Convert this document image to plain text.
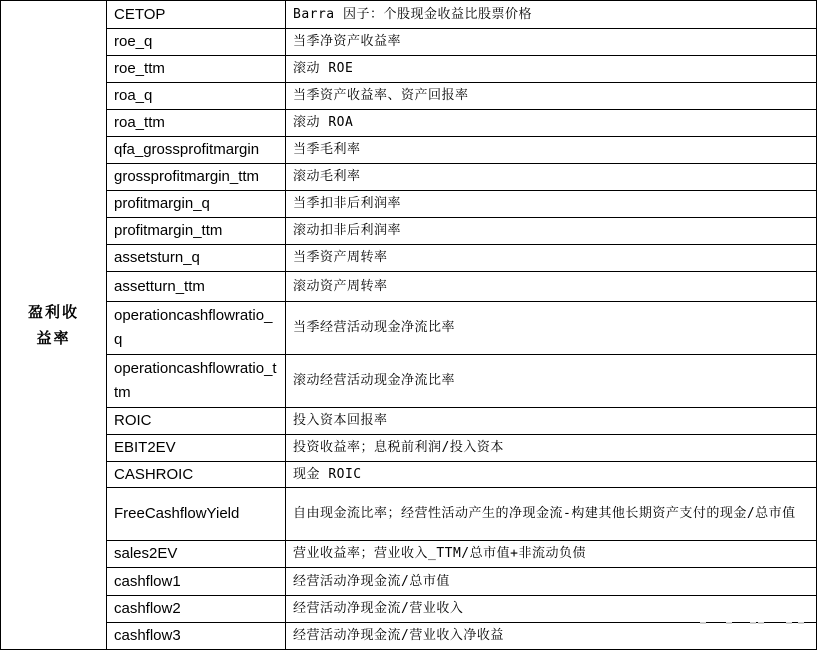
盈利收益率	CETOP	Barra 因子：个股现金收益比股票价格
	roe_q	当季净资产收益率
	roe_ttm	滚动 ROE
	roa_q	当季资产收益率、资产回报率
	roa_ttm	滚动 ROA
	qfa_grossprofitmargin	当季毛利率
	grossprofitmargin_ttm	滚动毛利率
	profitmargin_q	当季扣非后利润率
	profitmargin_ttm	滚动扣非后利润率
	assetsturn_q	当季资产周转率
	assetturn_ttm	滚动资产周转率
	operationcashflowratio_q	当季经营活动现金净流比率
	operationcashflowratio_ttm	滚动经营活动现金净流比率
	ROIC	投入资本回报率
	EBIT2EV	投资收益率；息税前利润/投入资本
	CASHROIC	现金 ROIC
	FreeCashflowYield	自由现金流比率；经营性活动产生的净现金流-构建其他长期资产支付的现金/总市值
	sales2EV	营业收益率；营业收入_TTM/总市值+非流动负债
	cashflow1	经营活动净现金流/总市值
	cashflow2	经营活动净现金流/营业收入
	cashflow3	经营活动净现金流/营业收入净收益
